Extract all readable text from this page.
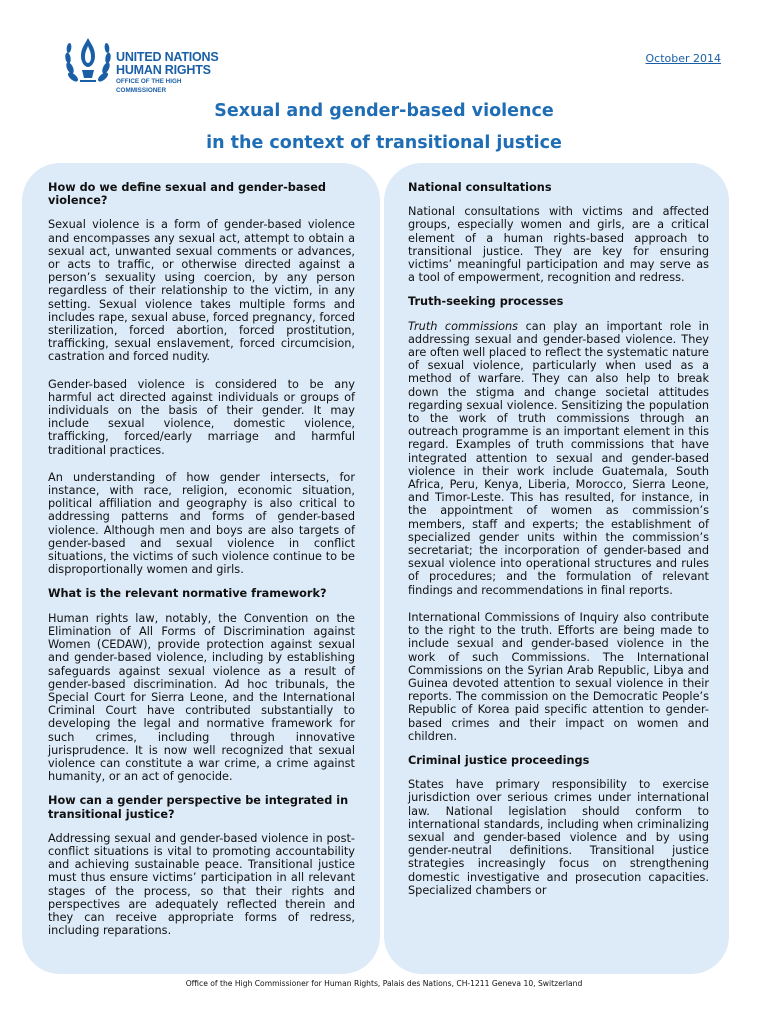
UNITED NATIONS
HUMAN RIGHTS
OFFICE OF THE HIGH COMMISSIONER
October 2014
Sexual and gender-based violence
in the context of transitional justice
How do we define sexual and gender-based violence?

Sexual violence is a form of gender-based violence and encompasses any sexual act, attempt to obtain a sexual act, unwanted sexual comments or advances, or acts to traffic, or otherwise directed against a person’s sexuality using coercion, by any person regardless of their relationship to the victim, in any setting. Sexual violence takes multiple forms and includes rape, sexual abuse, forced pregnancy, forced sterilization, forced abortion, forced prostitution, trafficking, sexual enslavement, forced circumcision, castration and forced nudity.

Gender-based violence is considered to be any harmful act directed against individuals or groups of individuals on the basis of their gender. It may include sexual violence, domestic violence, trafficking, forced/early marriage and harmful traditional practices.

An understanding of how gender intersects, for instance, with race, religion, economic situation, political affiliation and geography is also critical to addressing patterns and forms of gender-based violence. Although men and boys are also targets of gender-based and sexual violence in conflict situations, the victims of such violence continue to be disproportionally women and girls.

What is the relevant normative framework?

Human rights law, notably, the Convention on the Elimination of All Forms of Discrimination against Women (CEDAW), provide protection against sexual and gender-based violence, including by establishing safeguards against sexual violence as a result of gender-based discrimination. Ad hoc tribunals, the Special Court for Sierra Leone, and the International Criminal Court have contributed substantially to developing the legal and normative framework for such crimes, including through innovative jurisprudence. It is now well recognized that sexual violence can constitute a war crime, a crime against humanity, or an act of genocide.

How can a gender perspective be integrated in transitional justice?

Addressing sexual and gender-based violence in post-conflict situations is vital to promoting accountability and achieving sustainable peace. Transitional justice must thus ensure victims’ participation in all relevant stages of the process, so that their rights and perspectives are adequately reflected therein and they can receive appropriate forms of redress, including reparations.

National consultations

National consultations with victims and affected groups, especially women and girls, are a critical element of a human rights-based approach to transitional justice. They are key for ensuring victims’ meaningful participation and may serve as a tool of empowerment, recognition and redress.

Truth-seeking processes

Truth commissions can play an important role in addressing sexual and gender-based violence. They are often well placed to reflect the systematic nature of sexual violence, particularly when used as a method of warfare. They can also help to break down the stigma and change societal attitudes regarding sexual violence. Sensitizing the population to the work of truth commissions through an outreach programme is an important element in this regard. Examples of truth commissions that have integrated attention to sexual and gender-based violence in their work include Guatemala, South Africa, Peru, Kenya, Liberia, Morocco, Sierra Leone, and Timor-Leste. This has resulted, for instance, in the appointment of women as commission’s members, staff and experts; the establishment of specialized gender units within the commission’s secretariat; the incorporation of gender-based and sexual violence into operational structures and rules of procedures; and the formulation of relevant findings and recommendations in final reports.

International Commissions of Inquiry also contribute to the right to the truth. Efforts are being made to include sexual and gender-based violence in the work of such Commissions. The International Commissions on the Syrian Arab Republic, Libya and Guinea devoted attention to sexual violence in their reports. The commission on the Democratic People’s Republic of Korea paid specific attention to gender-based crimes and their impact on women and children.

Criminal justice proceedings

States have primary responsibility to exercise jurisdiction over serious crimes under international law. National legislation should conform to international standards, including when criminalizing sexual and gender-based violence and by using gender-neutral definitions. Transitional justice strategies increasingly focus on strengthening domestic investigative and prosecution capacities. Specialized chambers or

Office of the High Commissioner for Human Rights, Palais des Nations, CH-1211 Geneva 10, Switzerland
